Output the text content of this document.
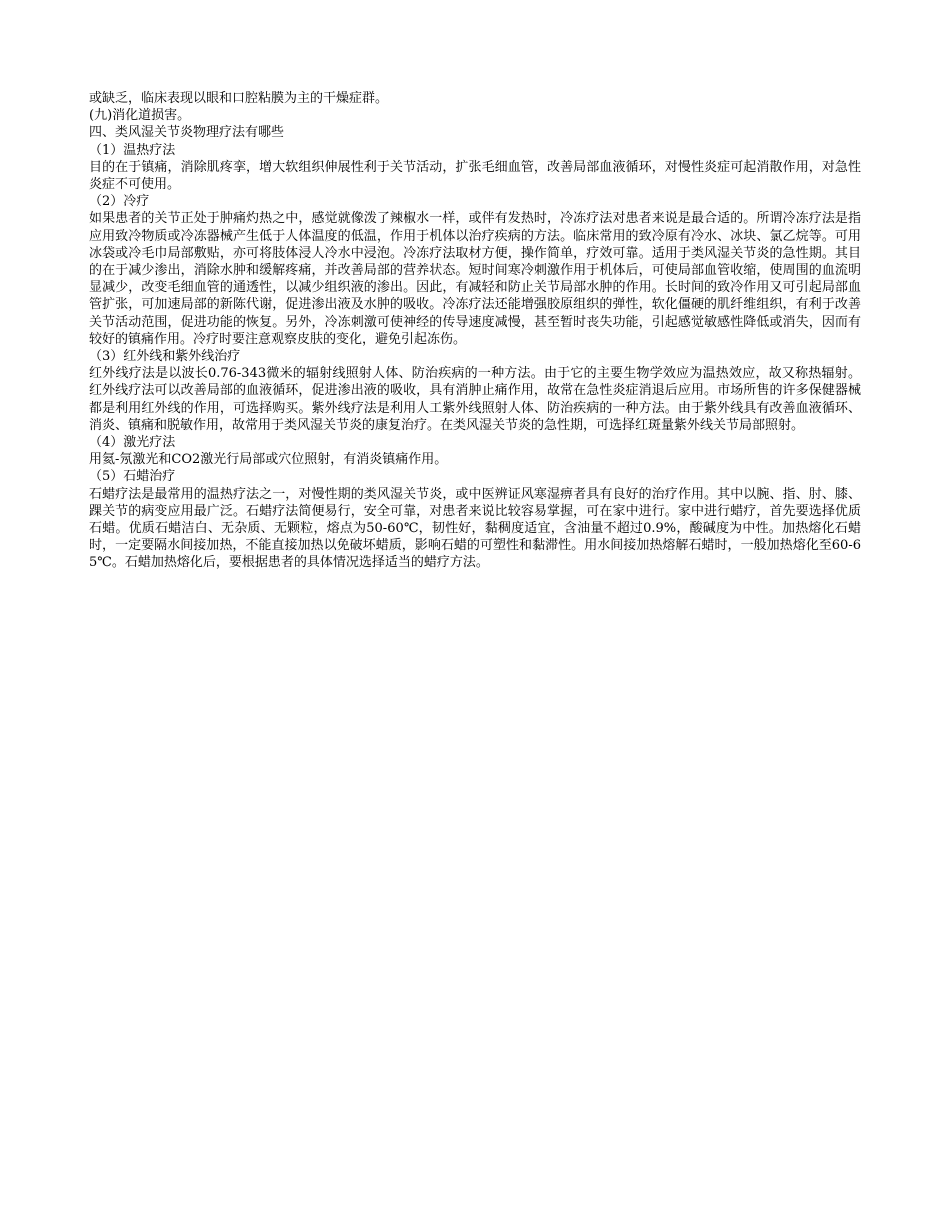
或缺乏，临床表现以眼和口腔粘膜为主的干燥症群。

(九)消化道损害。

四、类风湿关节炎物理疗法有哪些

（1）温热疗法

目的在于镇痛，消除肌疼挛，增大软组织伸展性利于关节活动，扩张毛细血管，改善局部血液循环，对慢性炎症可起消散作用，对急性炎症不可使用。

（2）冷疗

如果患者的关节正处于肿痛灼热之中，感觉就像泼了辣椒水一样，或伴有发热时，冷冻疗法对患者来说是最合适的。所谓冷冻疗法是指应用致冷物质或冷冻器械产生低于人体温度的低温，作用于机体以治疗疾病的方法。临床常用的致冷原有冷水、冰块、氯乙烷等。可用冰袋或冷毛巾局部敷贴，亦可将肢体浸人冷水中浸泡。冷冻疗法取材方便，操作简单，疗效可靠。适用于类风湿关节炎的急性期。其目的在于减少渗出，消除水肿和缓解疼痛，并改善局部的营养状态。短时间寒冷刺激作用于机体后，可使局部血管收缩，使周围的血流明显减少，改变毛细血管的通透性，以减少组织液的渗出。因此，有减轻和防止关节局部水肿的作用。长时间的致冷作用又可引起局部血管扩张，可加速局部的新陈代谢，促进渗出液及水肿的吸收。冷冻疗法还能增强胶原组织的弹性，软化僵硬的肌纤维组织，有利于改善关节活动范围，促进功能的恢复。另外，冷冻刺激可使神经的传导速度减慢，甚至暂时丧失功能，引起感觉敏感性降低或消失，因而有较好的镇痛作用。冷疗时要注意观察皮肤的变化，避免引起冻伤。

（3）红外线和紫外线治疗

红外线疗法是以波长0.76-343微米的辐射线照射人体、防治疾病的一种方法。由于它的主要生物学效应为温热效应，故又称热辐射。红外线疗法可以改善局部的血液循环，促进渗出液的吸收，具有消肿止痛作用，故常在急性炎症消退后应用。市场所售的许多保健器械都是利用红外线的作用，可选择购买。紫外线疗法是利用人工紫外线照射人体、防治疾病的一种方法。由于紫外线具有改善血液循环、消炎、镇痛和脱敏作用，故常用于类风湿关节炎的康复治疗。在类风湿关节炎的急性期，可选择红斑量紫外线关节局部照射。

（4）激光疗法

用氦-氖激光和CO2激光行局部或穴位照射，有消炎镇痛作用。

（5）石蜡治疗

石蜡疗法是最常用的温热疗法之一，对慢性期的类风湿关节炎，或中医辨证风寒湿痹者具有良好的治疗作用。其中以腕、指、肘、膝、踝关节的病变应用最广泛。石蜡疗法简便易行，安全可靠，对患者来说比较容易掌握，可在家中进行。家中进行蜡疗，首先要选择优质石蜡。优质石蜡洁白、无杂质、无颗粒，熔点为50-60℃，韧性好，黏稠度适宜，含油量不超过0.9%，酸碱度为中性。加热熔化石蜡时，一定要隔水间接加热，不能直接加热以免破坏蜡质，影响石蜡的可塑性和黏滞性。用水间接加热熔解石蜡时，一般加热熔化至60-65℃。石蜡加热熔化后，要根据患者的具体情况选择适当的蜡疗方法。
